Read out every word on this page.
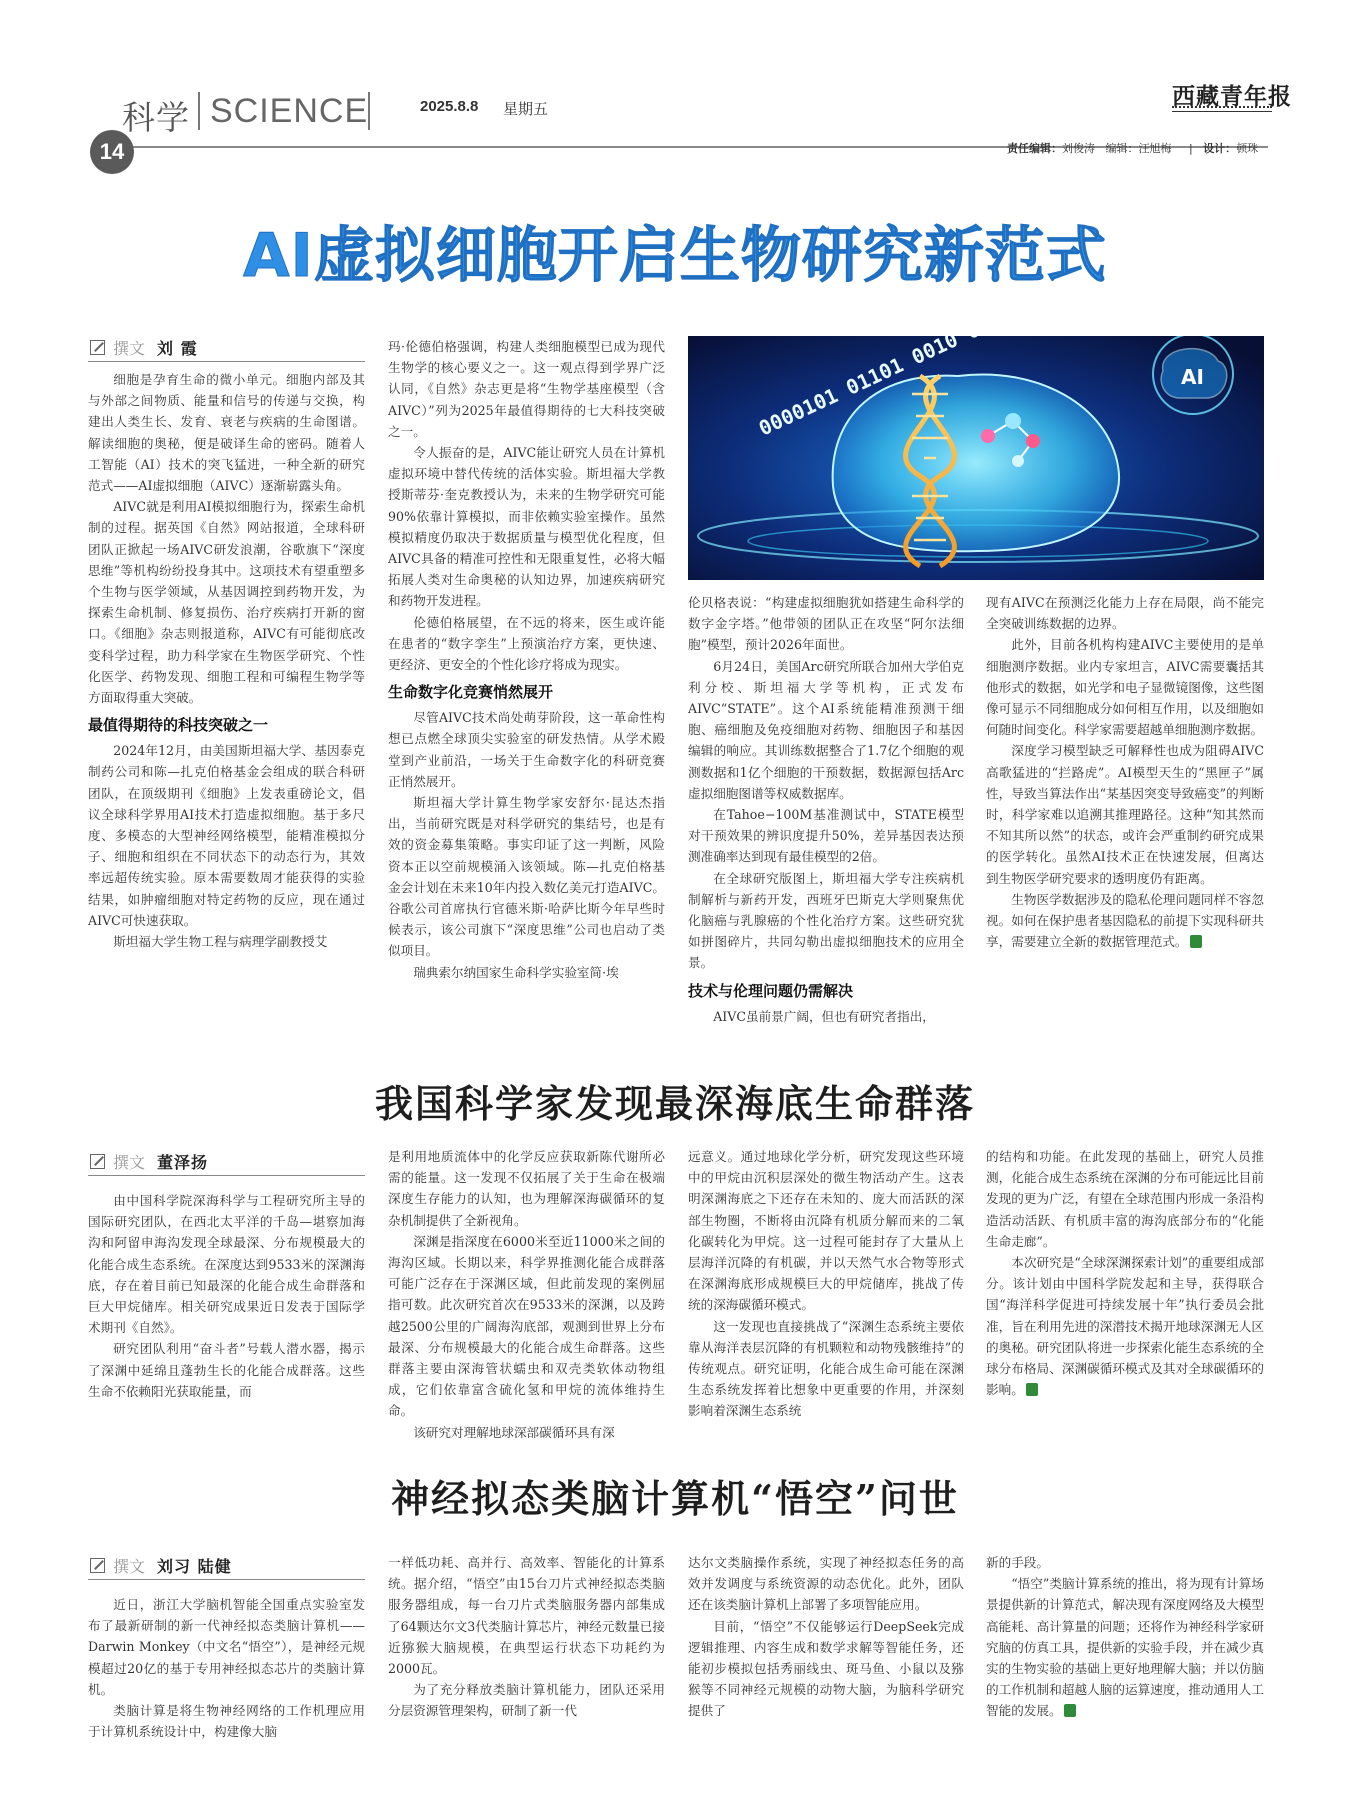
科学 SCIENCE
14
2025.8.8 星期五	西藏青年报
责任编辑：刘俊涛 编辑：汪旭梅     |   设计：顿珠
AI虚拟细胞开启生物研究新范式
撰文 刘 霞

细胞是孕育生命的微小单元。细胞内部及其与外部之间物质、能量和信号的传递与交换，构建出人类生长、发育、衰老与疾病的生命图谱。解读细胞的奥秘，便是破译生命的密码。随着人工智能（AI）技术的突飞猛进，一种全新的研究范式——AI虚拟细胞（AIVC）逐渐崭露头角。

AIVC就是利用AI模拟细胞行为，探索生命机制的过程。据英国《自然》网站报道，全球科研团队正掀起一场AIVC研发浪潮，谷歌旗下“深度思维”等机构纷纷投身其中。这项技术有望重塑多个生物与医学领域，从基因调控到药物开发，为探索生命机制、修复损伤、治疗疾病打开新的窗口。《细胞》杂志则报道称，AIVC有可能彻底改变科学过程，助力科学家在生物医学研究、个性化医学、药物发现、细胞工程和可编程生物学等方面取得重大突破。

最值得期待的科技突破之一

2024年12月，由美国斯坦福大学、基因泰克制药公司和陈—扎克伯格基金会组成的联合科研团队，在顶级期刊《细胞》上发表重磅论文，倡议全球科学界用AI技术打造虚拟细胞。基于多尺度、多模态的大型神经网络模型，能精准模拟分子、细胞和组织在不同状态下的动态行为，其效率远超传统实验。原本需要数周才能获得的实验结果，如肿瘤细胞对特定药物的反应，现在通过AIVC可快速获取。

斯坦福大学生物工程与病理学副教授艾

玛·伦德伯格强调，构建人类细胞模型已成为现代生物学的核心要义之一。这一观点得到学界广泛认同，《自然》杂志更是将“生物学基座模型（含AIVC）”列为2025年最值得期待的七大科技突破之一。

令人振奋的是，AIVC能让研究人员在计算机虚拟环境中替代传统的活体实验。斯坦福大学教授斯蒂芬·奎克教授认为，未来的生物学研究可能90%依靠计算模拟，而非依赖实验室操作。虽然模拟精度仍取决于数据质量与模型优化程度，但AIVC具备的精准可控性和无限重复性，必将大幅拓展人类对生命奥秘的认知边界，加速疾病研究和药物开发进程。

伦德伯格展望，在不远的将来，医生或许能在患者的“数字孪生”上预演治疗方案，更快速、更经济、更安全的个性化诊疗将成为现实。

生命数字化竞赛悄然展开

尽管AIVC技术尚处萌芽阶段，这一革命性构想已点燃全球顶尖实验室的研发热情。从学术殿堂到产业前沿，一场关于生命数字化的科研竞赛正悄然展开。

斯坦福大学计算生物学家安舒尔·昆达杰指出，当前研究既是对科学研究的集结号，也是有效的资金募集策略。事实印证了这一判断，风险资本正以空前规模涌入该领域。陈—扎克伯格基金会计划在未来10年内投入数亿美元打造AIVC。谷歌公司首席执行官德米斯·哈萨比斯今年早些时候表示，该公司旗下“深度思维”公司也启动了类似项目。

瑞典索尔纳国家生命科学实验室简·埃

0000101 01101 0010
AI

伦贝格表说：“构建虚拟细胞犹如搭建生命科学的数字金字塔。”他带领的团队正在攻坚“阿尔法细胞”模型，预计2026年面世。

6月24日，美国Arc研究所联合加州大学伯克利分校、斯坦福大学等机构，正式发布AIVC“STATE”。这个AI系统能精准预测干细胞、癌细胞及免疫细胞对药物、细胞因子和基因编辑的响应。其训练数据整合了1.7亿个细胞的观测数据和1亿个细胞的干预数据，数据源包括Arc虚拟细胞图谱等权威数据库。

在Tahoe−100M基准测试中，STATE模型对干预效果的辨识度提升50%，差异基因表达预测准确率达到现有最佳模型的2倍。

在全球研究版图上，斯坦福大学专注疾病机制解析与新药开发，西班牙巴斯克大学则聚焦优化脑癌与乳腺癌的个性化治疗方案。这些研究犹如拼图碎片，共同勾勒出虚拟细胞技术的应用全景。

技术与伦理问题仍需解决

AIVC虽前景广阔，但也有研究者指出，

现有AIVC在预测泛化能力上存在局限，尚不能完全突破训练数据的边界。

此外，目前各机构构建AIVC主要使用的是单细胞测序数据。业内专家坦言，AIVC需要囊括其他形式的数据，如光学和电子显微镜图像，这些图像可显示不同细胞成分如何相互作用，以及细胞如何随时间变化。科学家需要超越单细胞测序数据。

深度学习模型缺乏可解释性也成为阻碍AIVC高歌猛进的“拦路虎”。AI模型天生的“黑匣子”属性，导致当算法作出“某基因突变导致癌变”的判断时，科学家难以追溯其推理路径。这种“知其然而不知其所以然”的状态，或许会严重制约研究成果的医学转化。虽然AI技术正在快速发展，但离达到生物医学研究要求的透明度仍有距离。

生物医学数据涉及的隐私伦理问题同样不容忽视。如何在保护患者基因隐私的前提下实现科研共享，需要建立全新的数据管理范式。

我国科学家发现最深海底生命群落
撰文 董泽扬

由中国科学院深海科学与工程研究所主导的国际研究团队，在西北太平洋的千岛—堪察加海沟和阿留申海沟发现全球最深、分布规模最大的化能合成生态系统。在深度达到9533米的深渊海底，存在着目前已知最深的化能合成生命群落和巨大甲烷储库。相关研究成果近日发表于国际学术期刊《自然》。

研究团队利用“奋斗者”号载人潜水器，揭示了深渊中延绵且蓬勃生长的化能合成群落。这些生命不依赖阳光获取能量，而

是利用地质流体中的化学反应获取新陈代谢所必需的能量。这一发现不仅拓展了关于生命在极端深度生存能力的认知，也为理解深海碳循环的复杂机制提供了全新视角。

深渊是指深度在6000米至近11000米之间的海沟区域。长期以来，科学界推测化能合成群落可能广泛存在于深渊区域，但此前发现的案例屈指可数。此次研究首次在9533米的深渊，以及跨越2500公里的广阔海沟底部，观测到世界上分布最深、分布规模最大的化能合成生命群落。这些群落主要由深海管状蠕虫和双壳类软体动物组成，它们依靠富含硫化氢和甲烷的流体维持生命。

该研究对理解地球深部碳循环具有深

远意义。通过地球化学分析，研究发现这些环境中的甲烷由沉积层深处的微生物活动产生。这表明深渊海底之下还存在未知的、庞大而活跃的深部生物圈，不断将由沉降有机质分解而来的二氧化碳转化为甲烷。这一过程可能封存了大量从上层海洋沉降的有机碳，并以天然气水合物等形式在深渊海底形成规模巨大的甲烷储库，挑战了传统的深海碳循环模式。

这一发现也直接挑战了“深渊生态系统主要依靠从海洋表层沉降的有机颗粒和动物残骸维持”的传统观点。研究证明，化能合成生命可能在深渊生态系统发挥着比想象中更重要的作用，并深刻影响着深渊生态系统

的结构和功能。在此发现的基础上，研究人员推测，化能合成生态系统在深渊的分布可能远比目前发现的更为广泛，有望在全球范围内形成一条沿构造活动活跃、有机质丰富的海沟底部分布的“化能生命走廊”。

本次研究是“全球深渊探索计划”的重要组成部分。该计划由中国科学院发起和主导，获得联合国“海洋科学促进可持续发展十年”执行委员会批准，旨在利用先进的深潜技术揭开地球深渊无人区的奥秘。研究团队将进一步探索化能生态系统的全球分布格局、深渊碳循环模式及其对全球碳循环的影响。

神经拟态类脑计算机“悟空”问世
撰文 刘习 陆健

近日，浙江大学脑机智能全国重点实验室发布了最新研制的新一代神经拟态类脑计算机——Darwin Monkey（中文名“悟空”），是神经元规模超过20亿的基于专用神经拟态芯片的类脑计算机。

类脑计算是将生物神经网络的工作机理应用于计算机系统设计中，构建像大脑

一样低功耗、高并行、高效率、智能化的计算系统。据介绍，“悟空”由15台刀片式神经拟态类脑服务器组成，每一台刀片式类脑服务器内部集成了64颗达尔文3代类脑计算芯片，神经元数量已接近猕猴大脑规模，在典型运行状态下功耗约为2000瓦。

为了充分释放类脑计算机能力，团队还采用分层资源管理架构，研制了新一代

达尔文类脑操作系统，实现了神经拟态任务的高效并发调度与系统资源的动态优化。此外，团队还在该类脑计算机上部署了多项智能应用。

目前，“悟空”不仅能够运行DeepSeek完成逻辑推理、内容生成和数学求解等智能任务，还能初步模拟包括秀丽线虫、斑马鱼、小鼠以及猕猴等不同神经元规模的动物大脑，为脑科学研究提供了

新的手段。

“悟空”类脑计算系统的推出，将为现有计算场景提供新的计算范式，解决现有深度网络及大模型高能耗、高计算量的问题；还将作为神经科学家研究脑的仿真工具，提供新的实验手段，并在减少真实的生物实验的基础上更好地理解大脑；并以仿脑的工作机制和超越人脑的运算速度，推动通用人工智能的发展。
